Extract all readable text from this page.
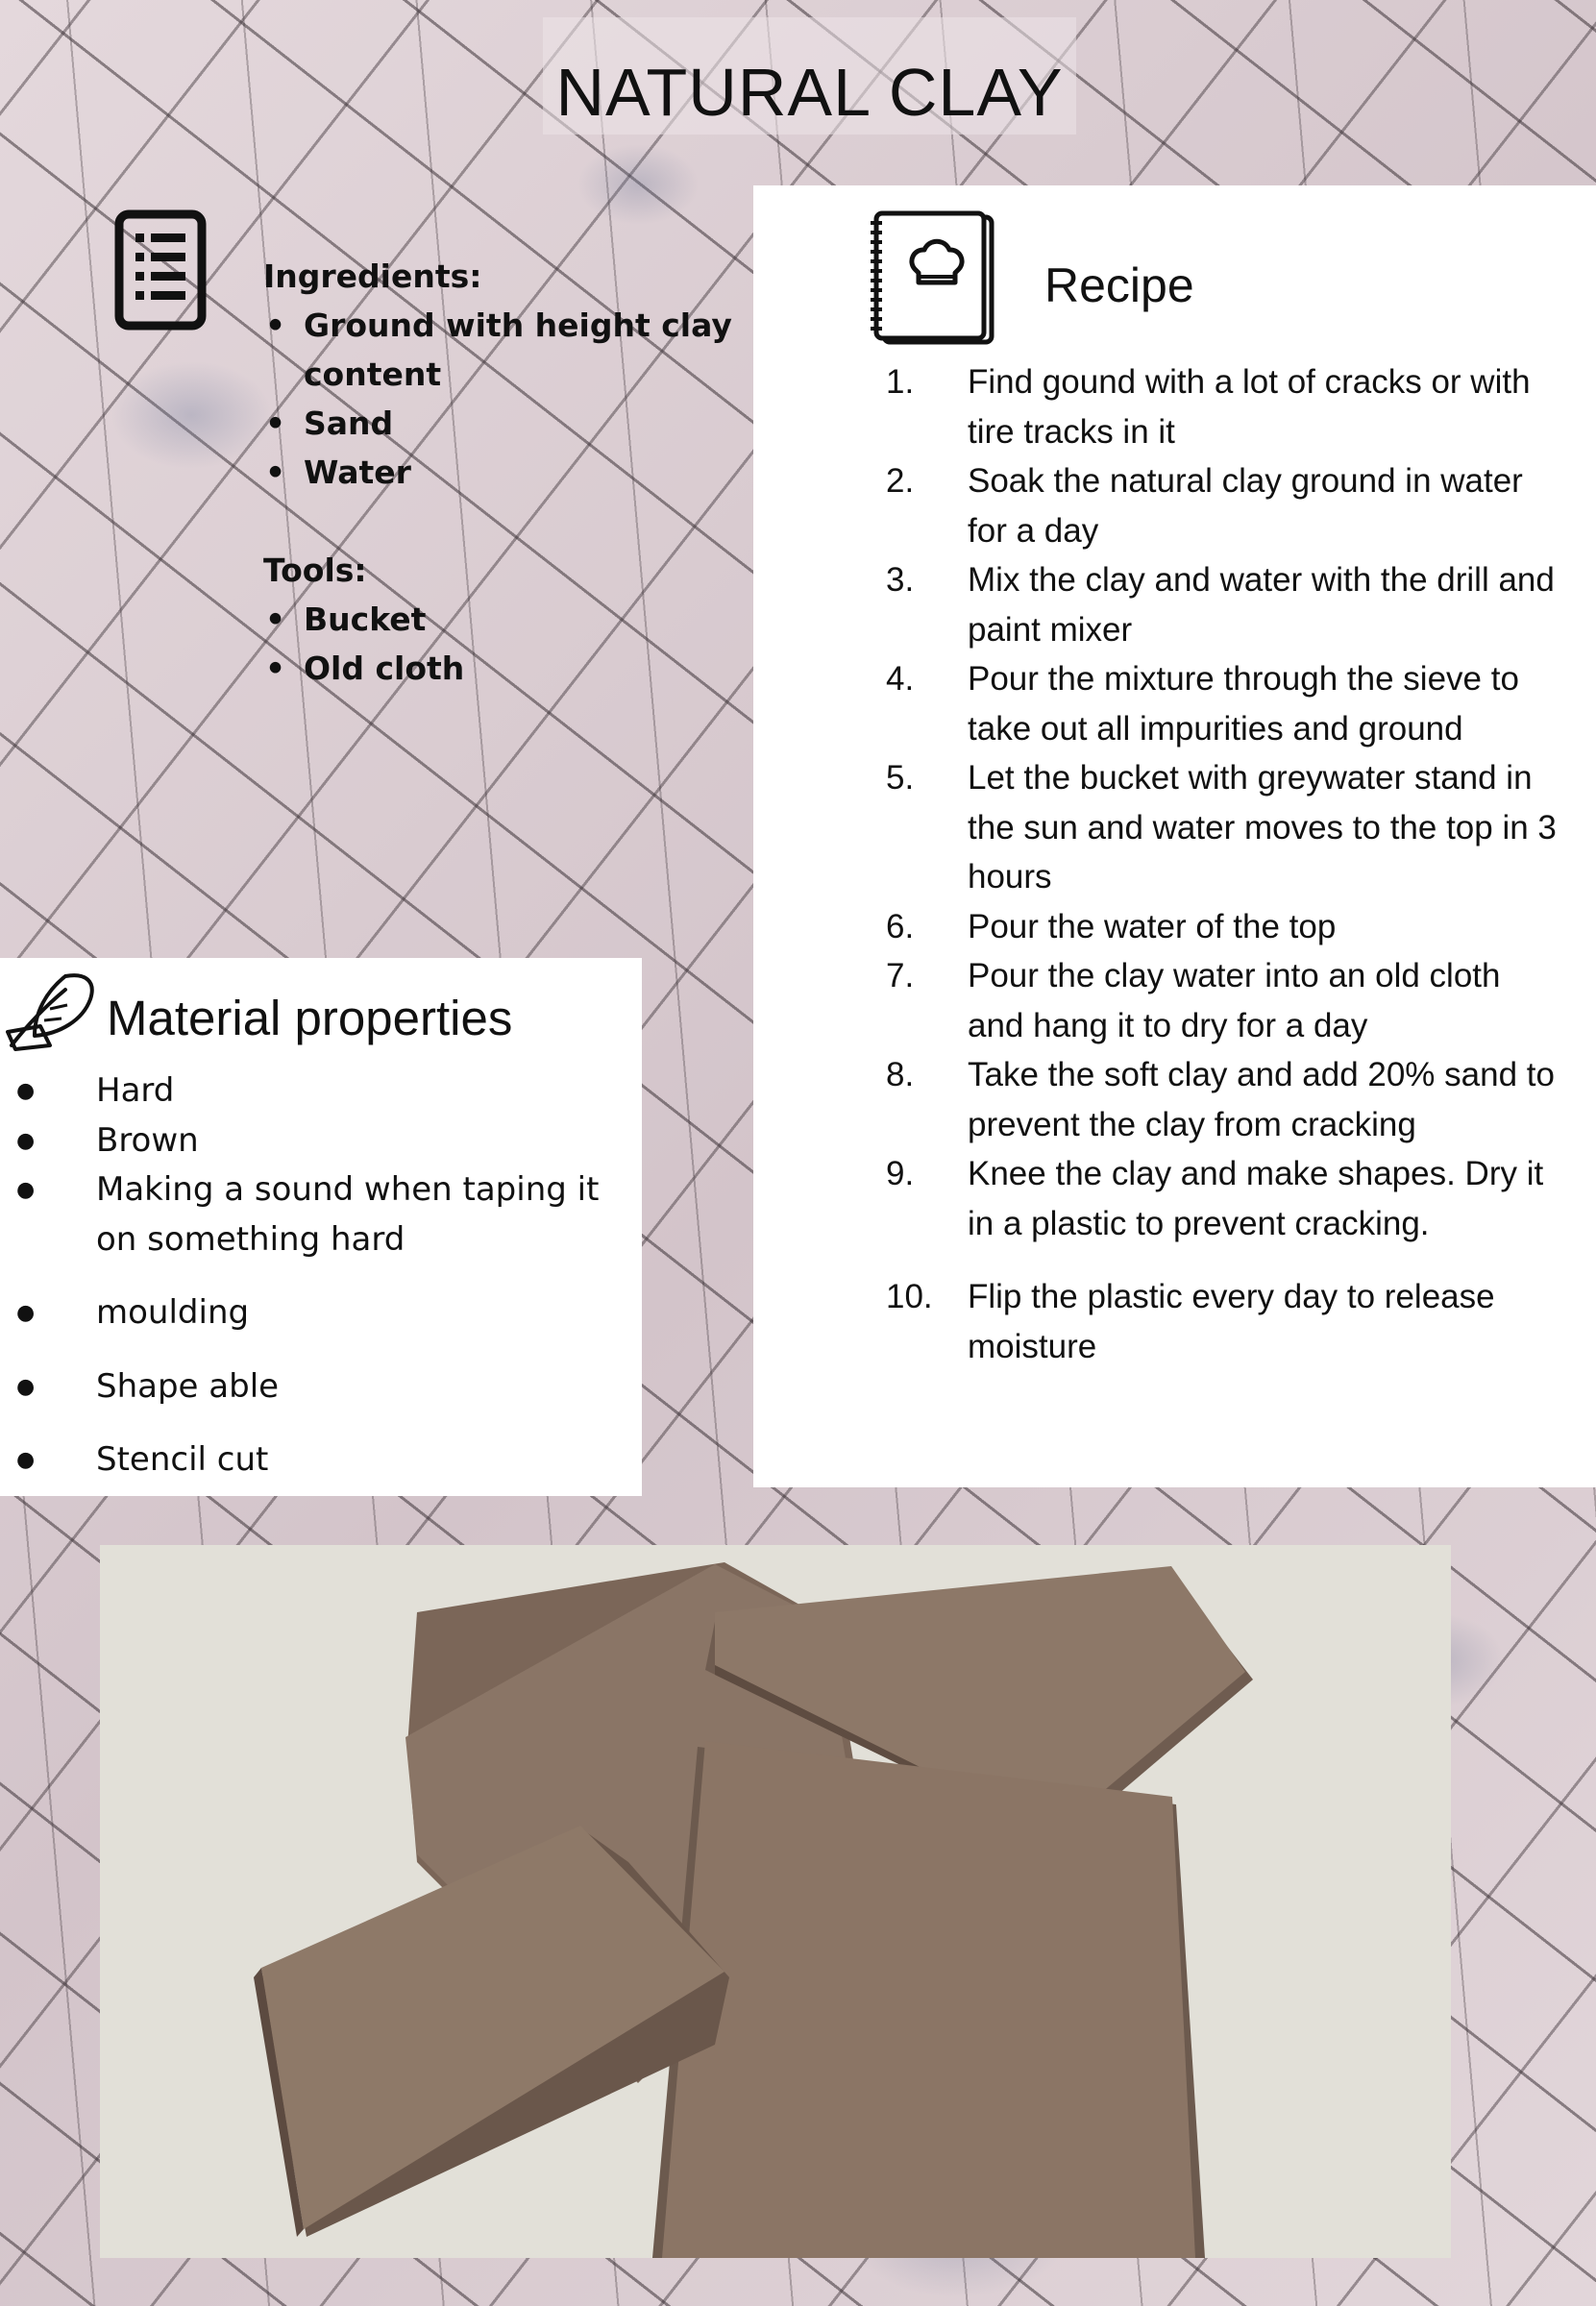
NATURAL CLAY
Ingredients:
• Ground with height clay content
• Sand
• Water
Tools:
• Bucket
• Old cloth
Recipe
1. Find gound with a lot of cracks or with tire tracks in it
2. Soak the natural clay ground in water for a day
3. Mix the clay and water with the drill and paint mixer
4. Pour the mixture through the sieve to take out all impurities and ground
5. Let the bucket with greywater stand in the sun and water moves to the top in 3 hours
6. Pour the water of the top
7. Pour the clay water into an old cloth and hang it to dry for a day
8. Take the soft clay and add 20% sand to prevent the clay from cracking
9. Knee the clay and make shapes. Dry it in a plastic to prevent cracking.
10. Flip the plastic every day to release moisture
Material properties
● Hard
● Brown
● Making a sound when taping it on something hard
● moulding
● Shape able
● Stencil cut
